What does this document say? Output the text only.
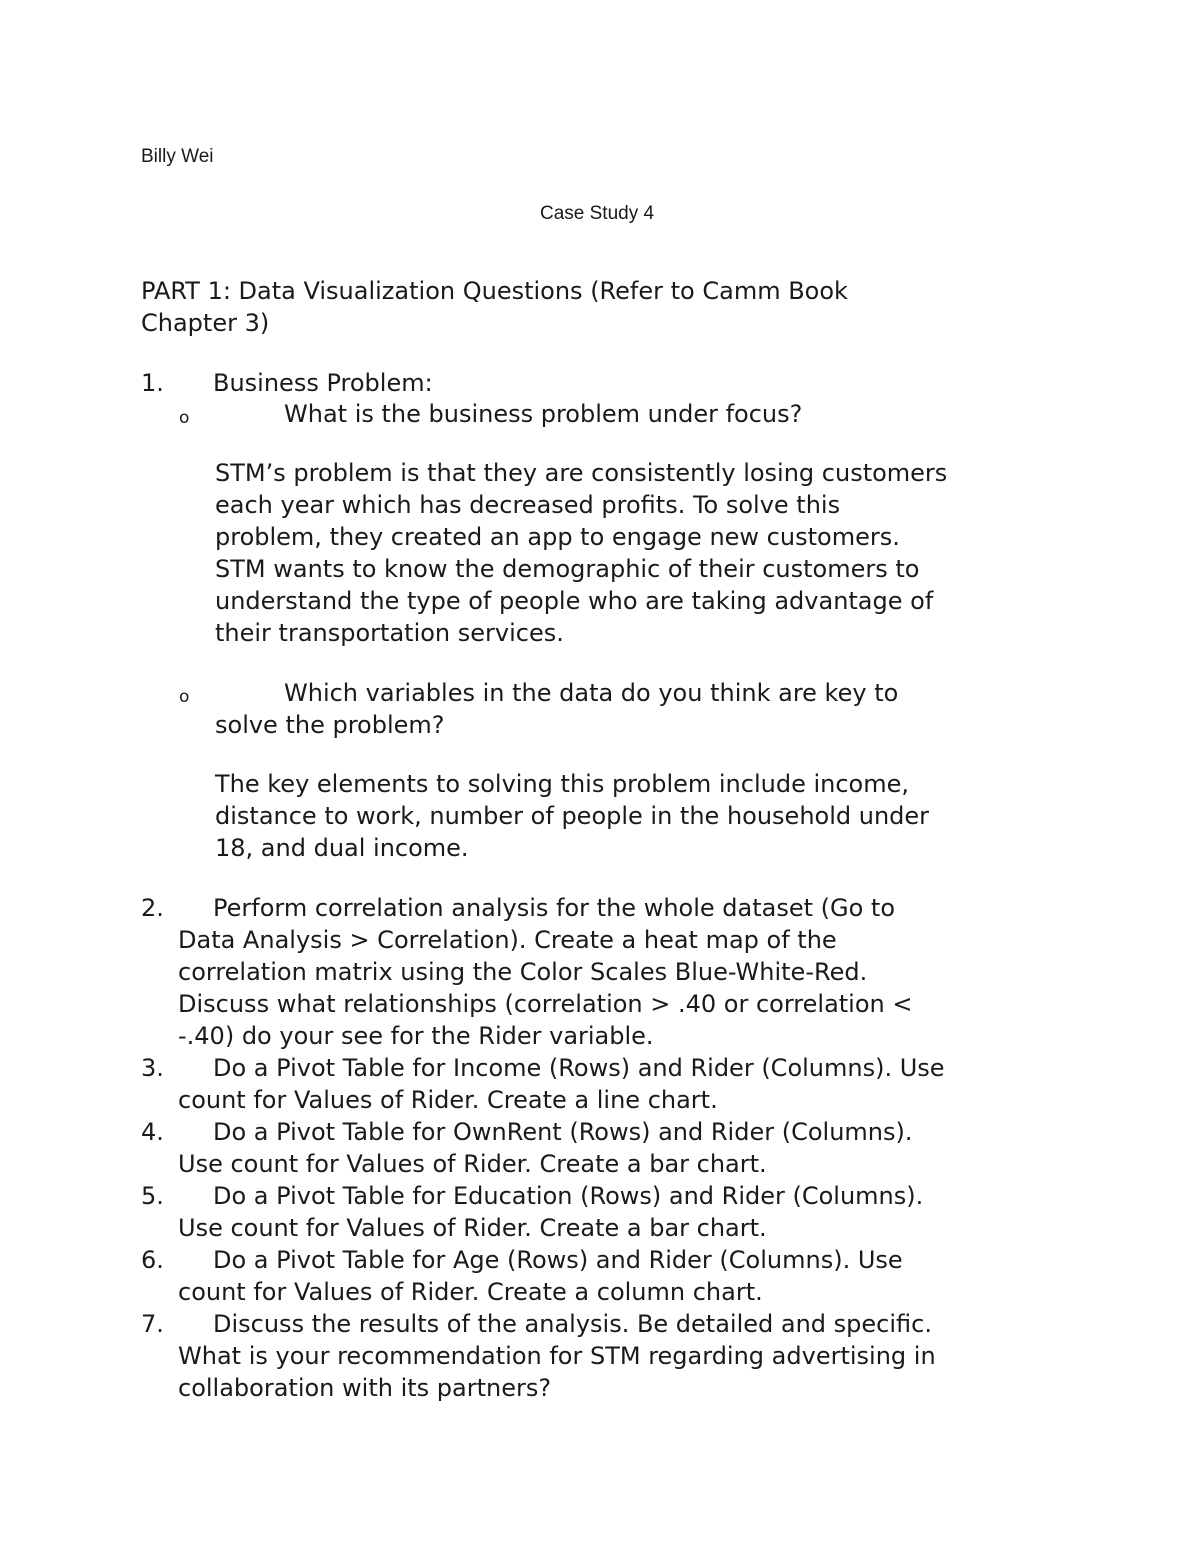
Billy Wei
Case Study 4
PART 1: Data Visualization Questions (Refer to Camm Book
Chapter 3)
1. Business Problem:
o	What is the business problem under focus?
STM’s problem is that they are consistently losing customers
each year which has decreased profits. To solve this
problem, they created an app to engage new customers.
STM wants to know the demographic of their customers to
understand the type of people who are taking advantage of
their transportation services.
o	Which variables in the data do you think are key to
solve the problem?
The key elements to solving this problem include income,
distance to work, number of people in the household under
18, and dual income.
2. Perform correlation analysis for the whole dataset (Go to
Data Analysis > Correlation). Create a heat map of the
correlation matrix using the Color Scales Blue-White-Red.
Discuss what relationships (correlation > .40 or correlation <
-.40) do your see for the Rider variable.
3. Do a Pivot Table for Income (Rows) and Rider (Columns). Use
count for Values of Rider. Create a line chart.
4. Do a Pivot Table for OwnRent (Rows) and Rider (Columns).
Use count for Values of Rider. Create a bar chart.
5. Do a Pivot Table for Education (Rows) and Rider (Columns).
Use count for Values of Rider. Create a bar chart.
6. Do a Pivot Table for Age (Rows) and Rider (Columns). Use
count for Values of Rider. Create a column chart.
7. Discuss the results of the analysis. Be detailed and specific.
What is your recommendation for STM regarding advertising in
collaboration with its partners?
